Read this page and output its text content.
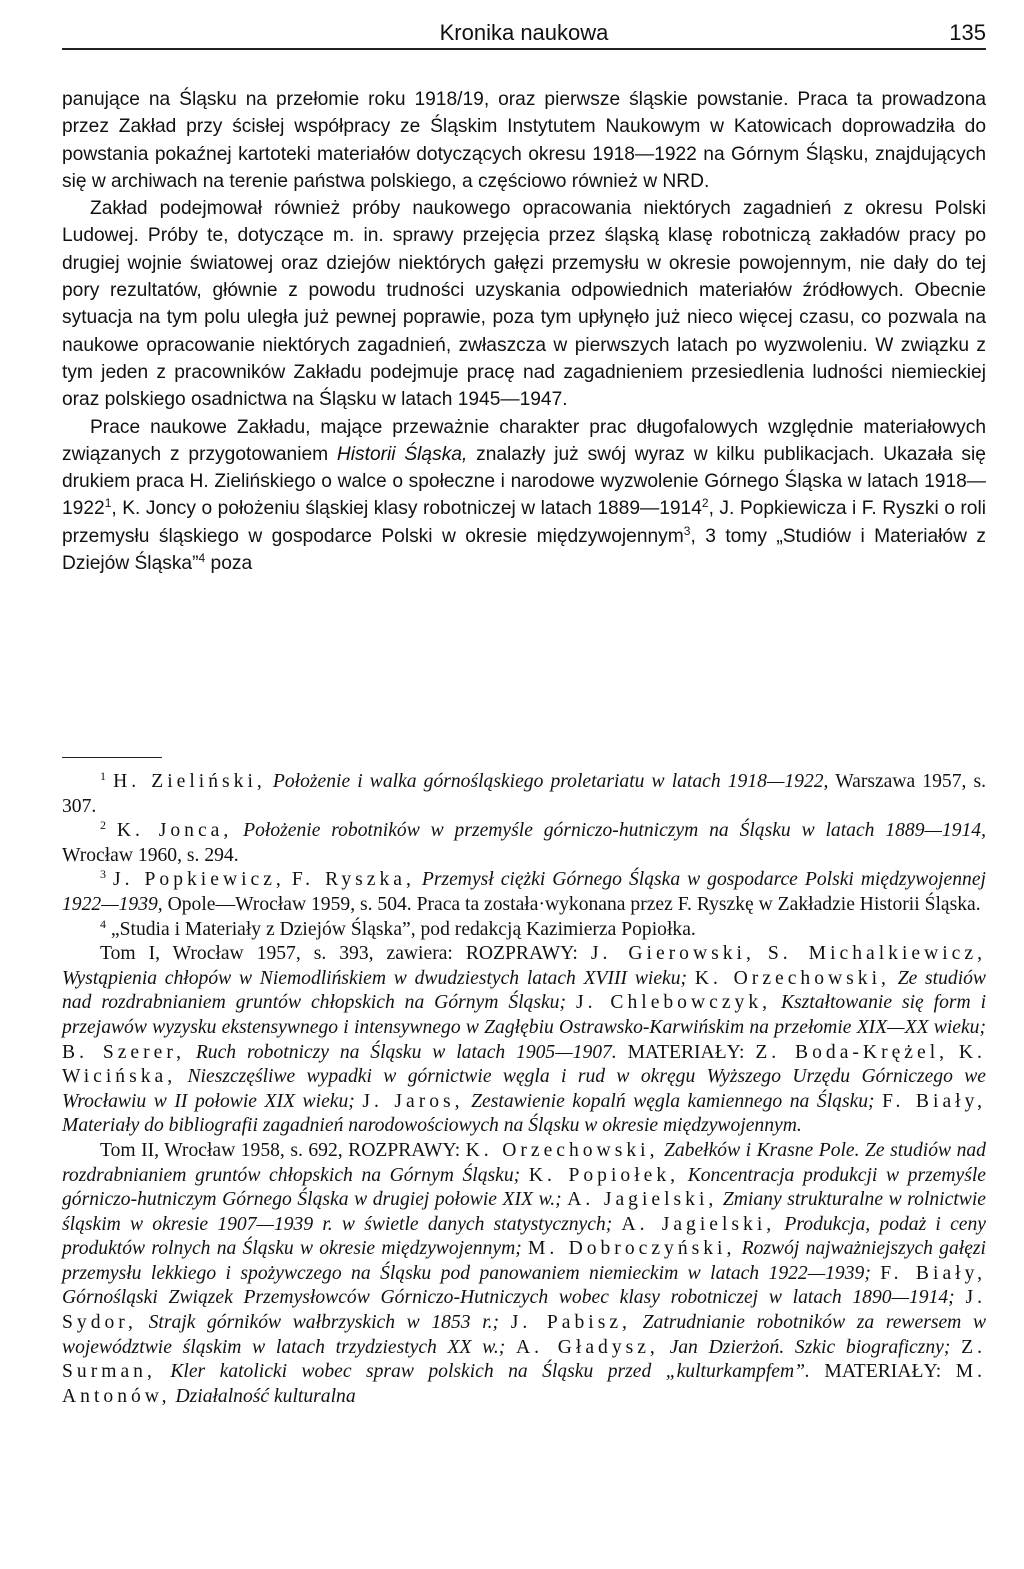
Kronika naukowa	135

panujące na Śląsku na przełomie roku 1918/19, oraz pierwsze śląskie powstanie. Praca ta prowadzona przez Zakład przy ścisłej współpracy ze Śląskim Instytutem Naukowym w Katowicach doprowadziła do powstania pokaźnej kartoteki materiałów dotyczących okresu 1918—1922 na Górnym Śląsku, znajdujących się w archiwach na terenie państwa polskiego, a częściowo również w NRD.

Zakład podejmował również próby naukowego opracowania niektórych zagadnień z okresu Polski Ludowej. Próby te, dotyczące m. in. sprawy przejęcia przez śląską klasę robotniczą zakładów pracy po drugiej wojnie światowej oraz dziejów niektórych gałęzi przemysłu w okresie powojennym, nie dały do tej pory rezultatów, głównie z powodu trudności uzyskania odpowiednich materiałów źródłowych. Obecnie sytuacja na tym polu uległa już pewnej poprawie, poza tym upłynęło już nieco więcej czasu, co pozwala na naukowe opracowanie niektórych zagadnień, zwłaszcza w pierwszych latach po wyzwoleniu. W związku z tym jeden z pracowników Zakładu podejmuje pracę nad zagadnieniem przesiedlenia ludności niemieckiej oraz polskiego osadnictwa na Śląsku w latach 1945—1947.

Prace naukowe Zakładu, mające przeważnie charakter prac długofalowych względnie materiałowych związanych z przygotowaniem Historii Śląska, znalazły już swój wyraz w kilku publikacjach. Ukazała się drukiem praca H. Zielińskiego o walce o społeczne i narodowe wyzwolenie Górnego Śląska w latach 1918—1922$^1$, K. Joncy o położeniu śląskiej klasy robotniczej w latach 1889—1914$^2$, J. Popkiewicza i F. Ryszki o roli przemysłu śląskiego w gospodarce Polski w okresie międzywojennym$^3$, 3 tomy „Studiów i Materiałów z Dziejów Śląska”$^4$ poza

$^1$ H. Zieliński, Położenie i walka górnośląskiego proletariatu w latach 1918—1922, Warszawa 1957, s. 307.

$^2$ K. Jonca, Położenie robotników w przemyśle górniczo-hutniczym na Śląsku w latach 1889—1914, Wrocław 1960, s. 294.

$^3$ J. Popkiewicz, F. Ryszka, Przemysł ciężki Górnego Śląska w gospodarce Polski międzywojennej 1922—1939, Opole—Wrocław 1959, s. 504. Praca ta została·wykonana przez F. Ryszkę w Zakładzie Historii Śląska.

$^4$ „Studia i Materiały z Dziejów Śląska”, pod redakcją Kazimierza Popiołka.

Tom I, Wrocław 1957, s. 393, zawiera: ROZPRAWY: J. Gierowski, S. Michalkiewicz, Wystąpienia chłopów w Niemodlińskiem w dwudziestych latach XVIII wieku; K. Orzechowski, Ze studiów nad rozdrabnianiem gruntów chłopskich na Górnym Śląsku; J. Chlebowczyk, Kształtowanie się form i przejawów wyzysku ekstensywnego i intensywnego w Zagłębiu Ostrawsko-Karwińskim na przełomie XIX—XX wieku; B. Szerer, Ruch robotniczy na Śląsku w latach 1905—1907. MATERIAŁY: Z. Boda-Krężel, K. Wicińska, Nieszczęśliwe wypadki w górnictwie węgla i rud w okręgu Wyższego Urzędu Górniczego we Wrocławiu w II połowie XIX wieku; J. Jaros, Zestawienie kopalń węgla kamiennego na Śląsku; F. Biały, Materiały do bibliografii zagadnień narodowościowych na Śląsku w okresie międzywojennym.

Tom II, Wrocław 1958, s. 692, ROZPRAWY: K. Orzechowski, Zabełków i Krasne Pole. Ze studiów nad rozdrabnianiem gruntów chłopskich na Górnym Śląsku; K. Popiołek, Koncentracja produkcji w przemyśle górniczo-hutniczym Górnego Śląska w drugiej połowie XIX w.; A. Jagielski, Zmiany strukturalne w rolnictwie śląskim w okresie 1907—1939 r. w świetle danych statystycznych; A. Jagielski, Produkcja, podaż i ceny produktów rolnych na Śląsku w okresie międzywojennym; M. Dobroczyński, Rozwój najważniejszych gałęzi przemysłu lekkiego i spożywczego na Śląsku pod panowaniem niemieckim w latach 1922—1939; F. Biały, Górnośląski Związek Przemysłowców Górniczo-Hutniczych wobec klasy robotniczej w latach 1890—1914; J. Sydor, Strajk górników wałbrzyskich w 1853 r.; J. Pabisz, Zatrudnianie robotników za rewersem w województwie śląskim w latach trzydziestych XX w.; A. Gładysz, Jan Dzierżoń. Szkic biograficzny; Z. Surman, Kler katolicki wobec spraw polskich na Śląsku przed „kulturkampfem”. MATERIAŁY: M. Antonów, Działalność kulturalna
